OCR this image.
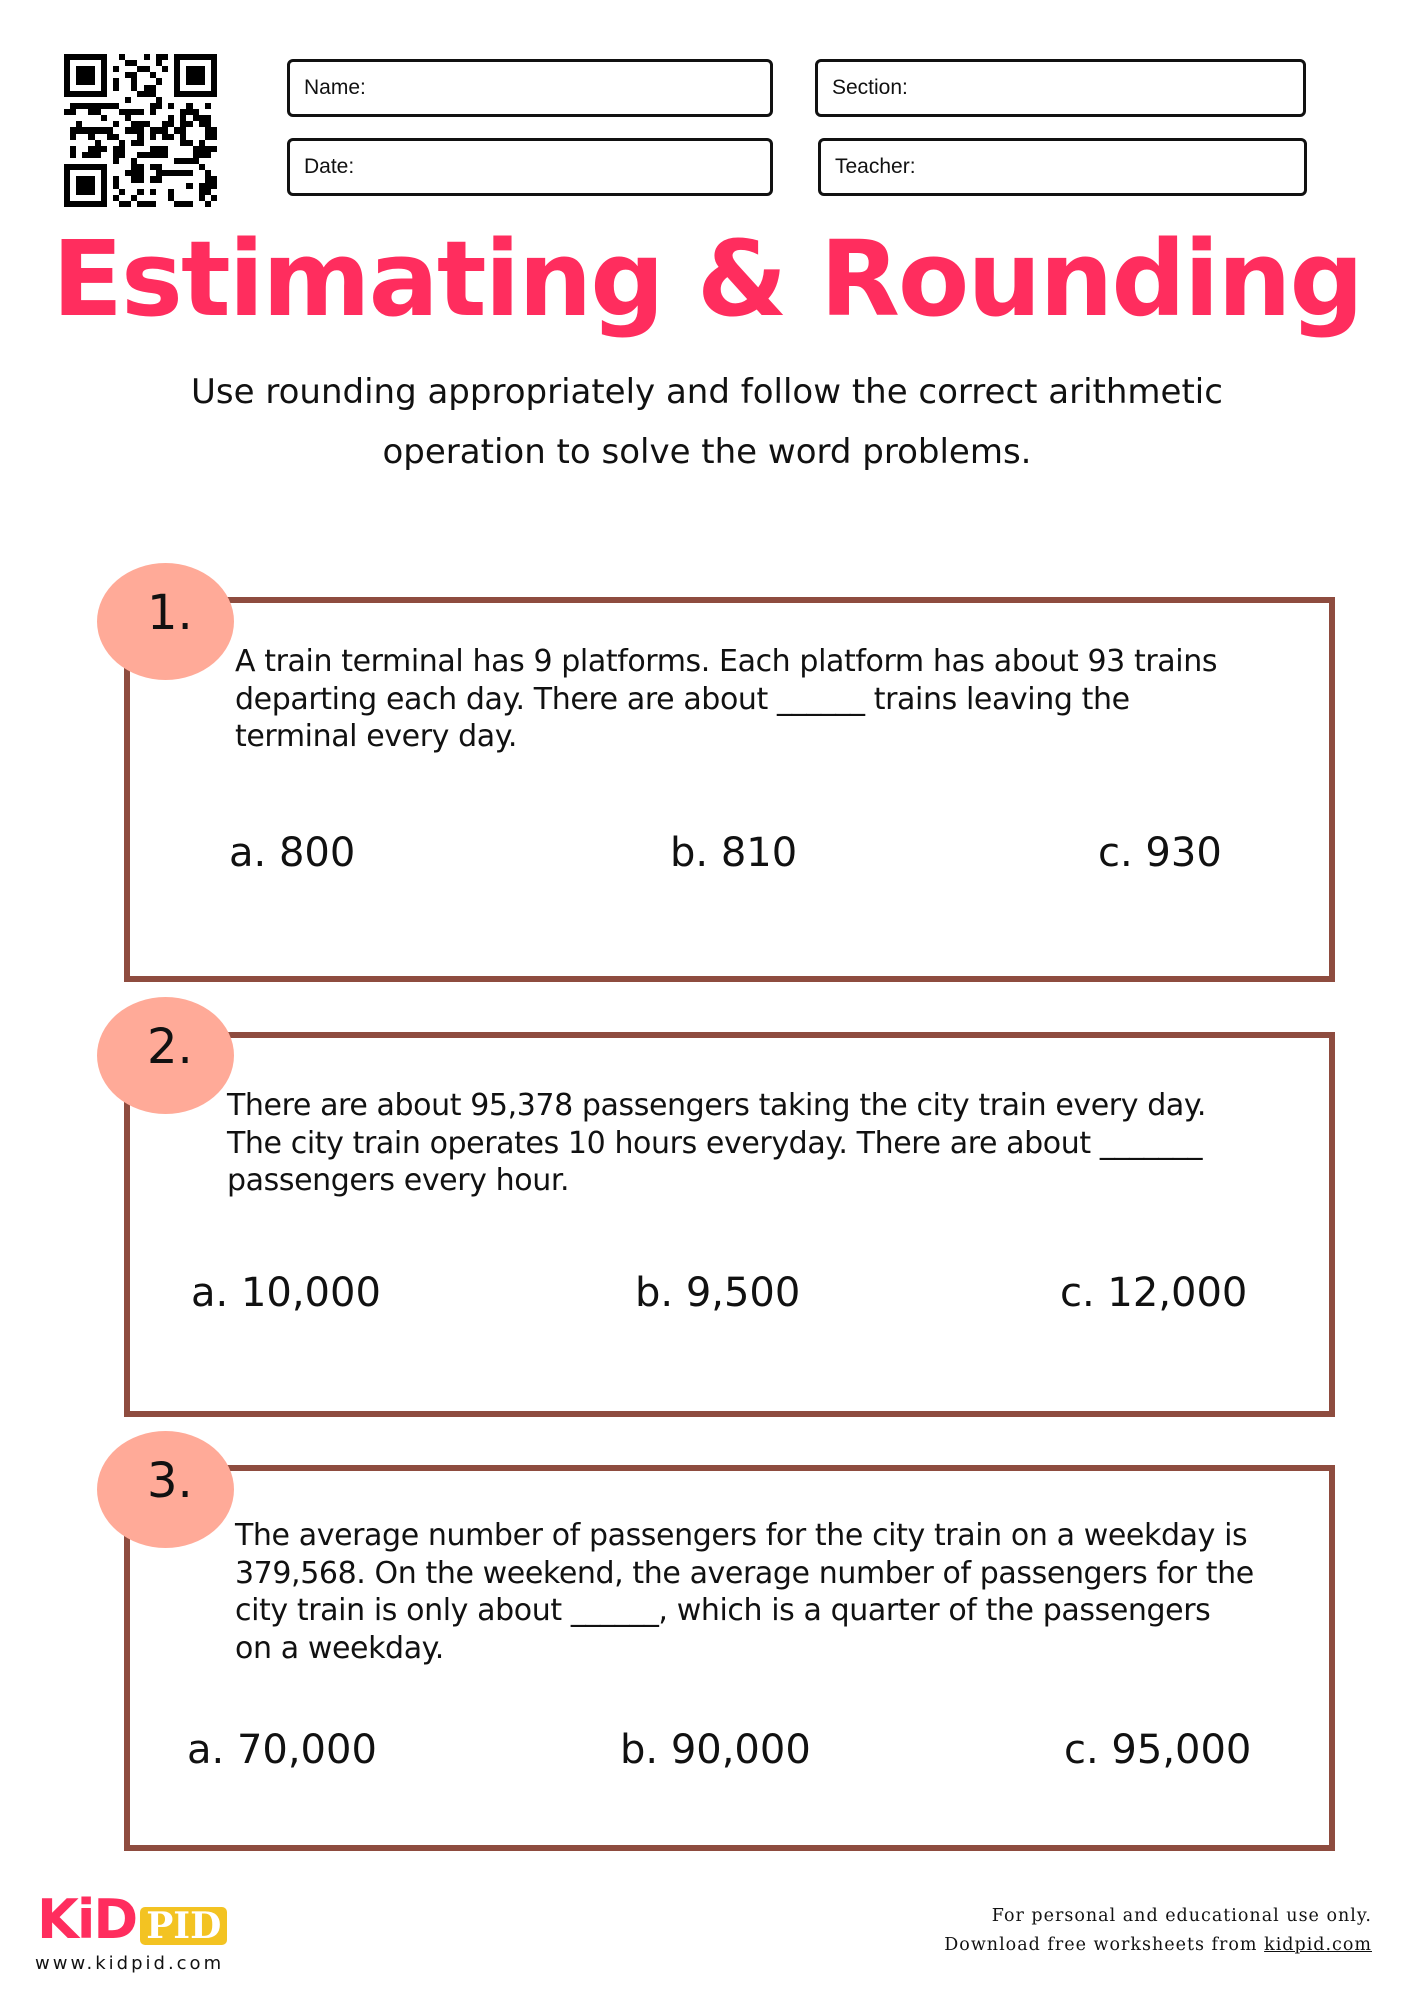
Name:	Section:
Date:	Teacher:
Estimating & Rounding
Use rounding appropriately and follow the correct arithmetic
operation to solve the word problems.
1.
A train terminal has 9 platforms. Each platform has about 93 trains
departing each day. There are about ______ trains leaving the
terminal every day.
a. 800	b. 810	c. 930
2.
There are about 95,378 passengers taking the city train every day.
The city train operates 10 hours everyday. There are about _______
passengers every hour.
a. 10,000	b. 9,500	c. 12,000
3.
The average number of passengers for the city train on a weekday is
379,568. On the weekend, the average number of passengers for the
city train is only about ______, which is a quarter of the passengers
on a weekday.
a. 70,000	b. 90,000	c. 95,000
KiD PID
www.kidpid.com
For personal and educational use only.
Download free worksheets from kidpid.com
